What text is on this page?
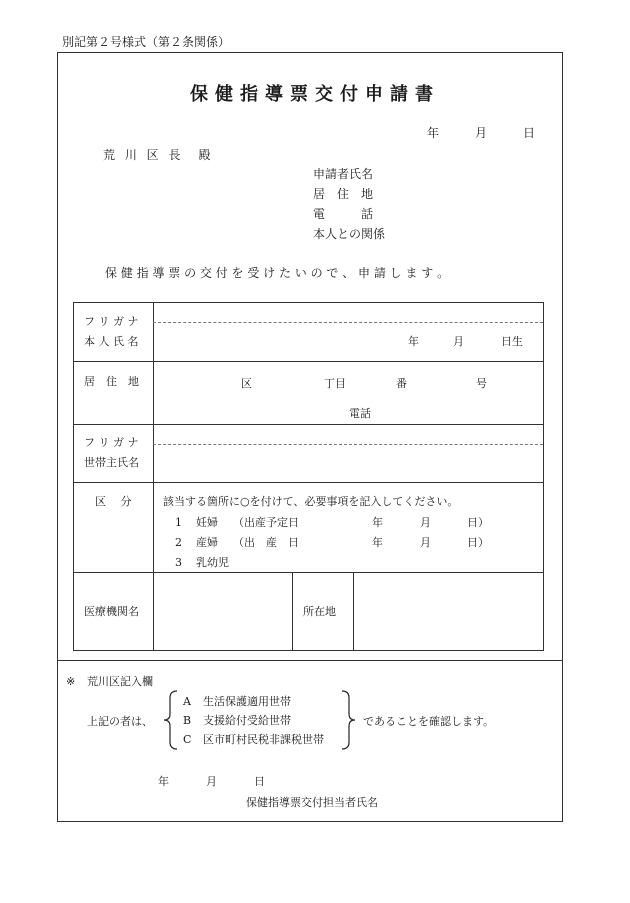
別記第２号様式（第２条関係）
保健指導票交付申請書
年	月	日
荒 川 区 長　殿
申請者氏名
居　住　地
電　　　話
本人との関係
保 健 指 導 票 の 交 付 を 受 け た い の で 、 申 請 し ま す 。
フ リ ガ ナ
本 人 氏 名	年	月	日生
居　住　地	区	丁目	番	号
電話
フ リ ガ ナ
世帯主氏名
区　 分	該当する箇所に○を付けて、必要事項を記入してください。
1 妊婦 （出産予定日	年	月	日）
2 産婦 （出　産　日	年	月	日）
3 乳幼児
医療機関名	所在地
※ 荒川区記入欄
上記の者は、
A 生活保護適用世帯
B 支援給付受給世帯
C 区市町村民税非課税世帯
であることを確認します。
年	月	日
保健指導票交付担当者氏名
